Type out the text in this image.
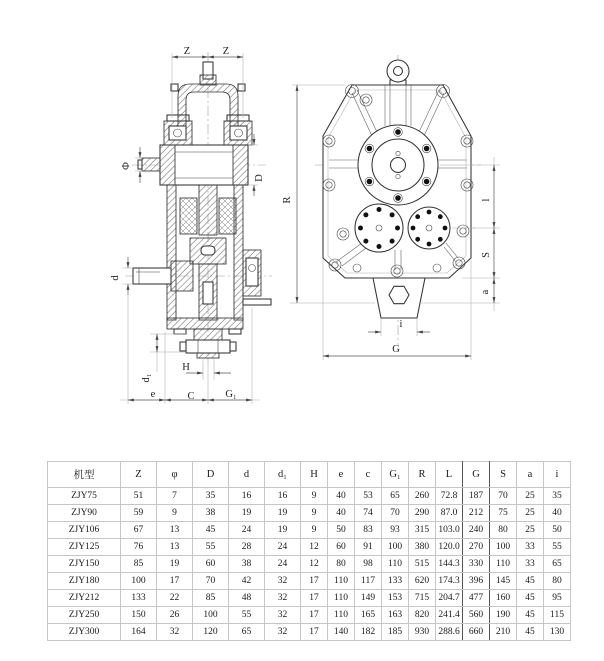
Z	Z
Φ
D
d
d₁
H
e	C	G₁
R	l
S
a
i
G
机型	Z	φ	D	d	d₁	H	e	c	G₁	R	L	G	S	a	i
ZJY75	51	7	35	16	16	9	40	53	65	260	72.8	187	70	25	35
ZJY90	59	9	38	19	19	9	40	74	70	290	87.0	212	75	25	40
ZJY106	67	13	45	24	19	9	50	83	93	315	103.0	240	80	25	50
ZJY125	76	13	55	28	24	12	60	91	100	380	120.0	270	100	33	55
ZJY150	85	19	60	38	24	12	80	98	110	515	144.3	330	110	33	65
ZJY180	100	17	70	42	32	17	110	117	133	620	174.3	396	145	45	80
ZJY212	133	22	85	48	32	17	110	149	153	715	204.7	477	160	45	95
ZJY250	150	26	100	55	32	17	110	165	163	820	241.4	560	190	45	115
ZJY300	164	32	120	65	32	17	140	182	185	930	288.6	660	210	45	130
